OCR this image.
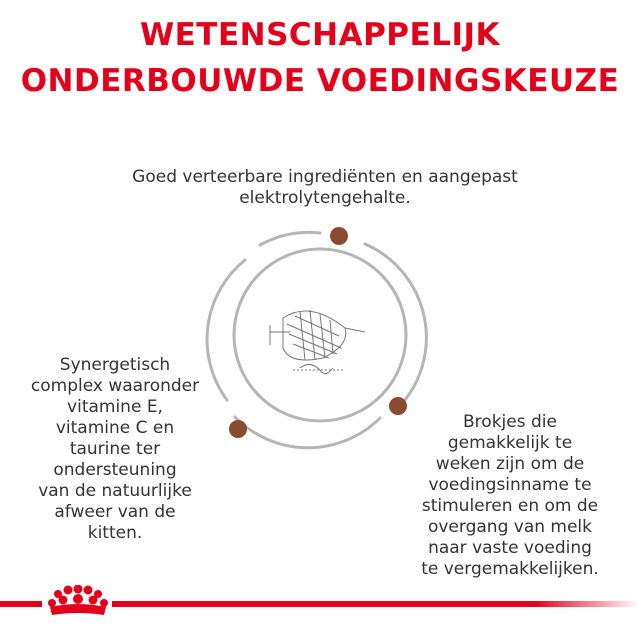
WETENSCHAPPELIJK
ONDERBOUWDE VOEDINGSKEUZE

Goed verteerbare ingrediënten en aangepast
elektrolytengehalte.

Synergetisch
complex waaronder
vitamine E,
vitamine C en
taurine ter
ondersteuning
van de natuurlijke
afweer van de
kitten.

Brokjes die
gemakkelijk te
weken zijn om de
voedingsinname te
stimuleren en om de
overgang van melk
naar vaste voeding
te vergemakkelijken.
